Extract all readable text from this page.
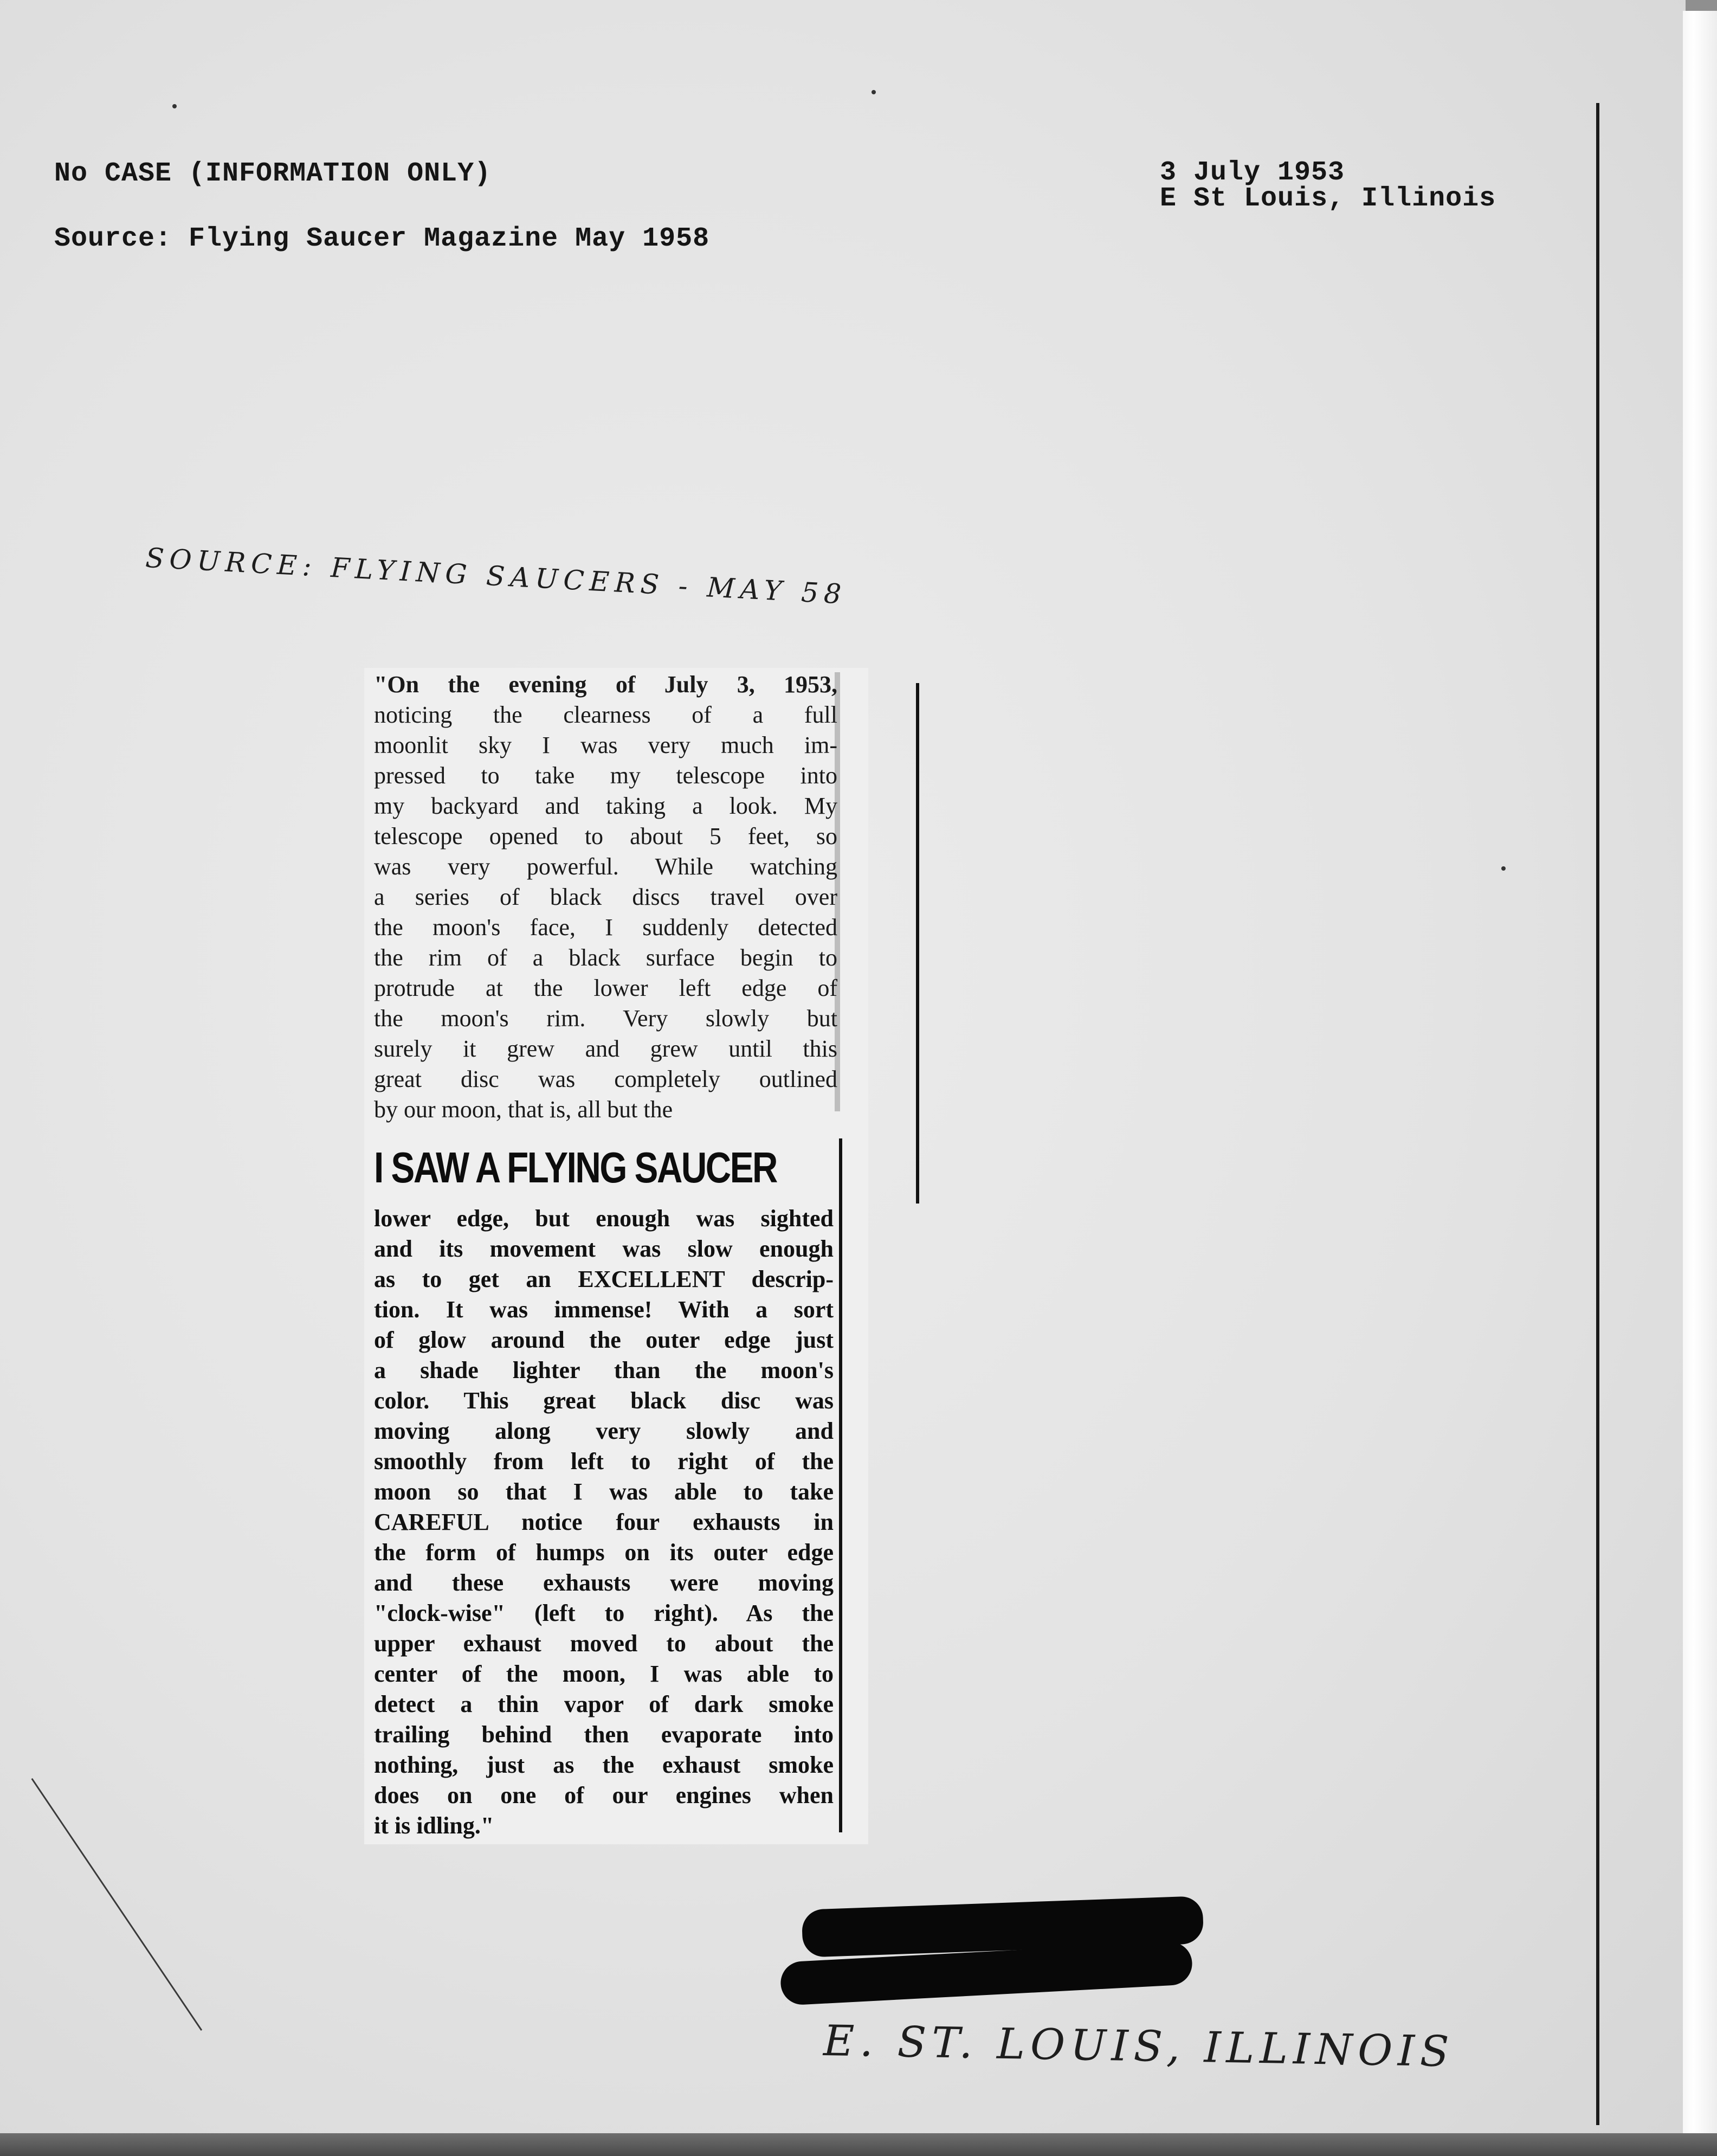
No CASE (INFORMATION ONLY)
Source: Flying Saucer Magazine May 1958
3 July 1953
E St Louis, Illinois
SOURCE: FLYING SAUCERS - MAY 58
"On the evening of July 3, 1953,
noticing the clearness of a full
moonlit sky I was very much im-
pressed to take my telescope into
my backyard and taking a look. My
telescope opened to about 5 feet, so
was very powerful. While watching
a series of black discs travel over
the moon's face, I suddenly detected
the rim of a black surface begin to
protrude at the lower left edge of
the moon's rim. Very slowly but
surely it grew and grew until this
great disc was completely outlined
by our moon, that is, all but the
I SAW A FLYING SAUCER
lower edge, but enough was sighted
and its movement was slow enough
as to get an EXCELLENT descrip-
tion. It was immense! With a sort
of glow around the outer edge just
a shade lighter than the moon's
color. This great black disc was
moving along very slowly and
smoothly from left to right of the
moon so that I was able to take
CAREFUL notice four exhausts in
the form of humps on its outer edge
and these exhausts were moving
"clock-wise" (left to right). As the
upper exhaust moved to about the
center of the moon, I was able to
detect a thin vapor of dark smoke
trailing behind then evaporate into
nothing, just as the exhaust smoke
does on one of our engines when
it is idling."
E. ST. LOUIS, ILLINOIS
